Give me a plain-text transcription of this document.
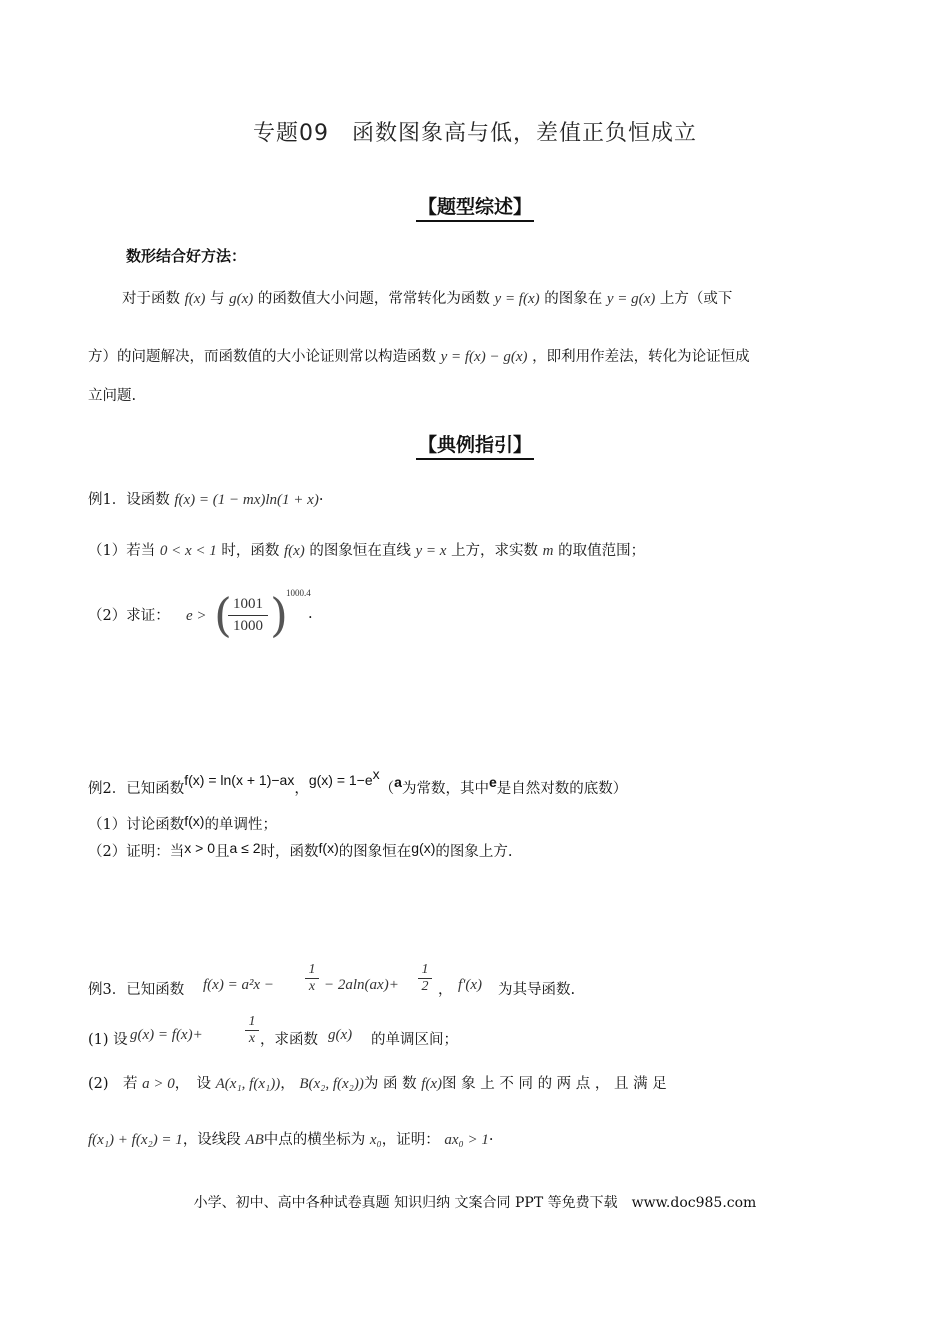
专题09　函数图象高与低，差值正负恒成立
【题型综述】
数形结合好方法：
对于函数 f(x) 与 g(x) 的函数值大小问题，常常转化为函数 y = f(x) 的图象在 y = g(x) 上方（或下
方）的问题解决，而函数值的大小论证则常以构造函数 y = f(x) − g(x) ，即利用作差法，转化为论证恒成
立问题.
【典例指引】
例1．设函数 f(x) = (1 − mx)ln(1 + x)·
（1）若当 0 < x < 1 时，函数 f(x) 的图象恒在直线 y = x 上方，求实数 m 的取值范围；
（2）求证： e > ( 1001
1000 )
1000.4
.
例2．已知函数f(x) = ln(x + 1)−ax，$g(x) = 1-e^x(a$为常数，其中e是自然对数的底数）
（1）讨论函数f(x)的单调性；
（2）证明：当x > 0且a ≤ 2时，函数f(x)的图象恒在g(x)的图象上方.
例3．已知函数 f(x) = a²x −
1
x − 2aln(ax)+
1
2 ， f'(x) 为其导函数.
(1) 设 g(x) = f(x)+
1
x ，求函数 g(x) 的单调区间；
(2)　若 a > 0，　设 A(x₁, f(x₁))， B(x₂, f(x₂))为 函 数 f(x)图 象 上 不 同 的 两 点 ， 且 满 足
f(x₁) + f(x₂) = 1，设线段 AB中点的横坐标为 x₀，证明： ax₀ > 1·
小学、初中、高中各种试卷真题 知识归纳 文案合同 PPT 等免费下载　www.doc985.com
